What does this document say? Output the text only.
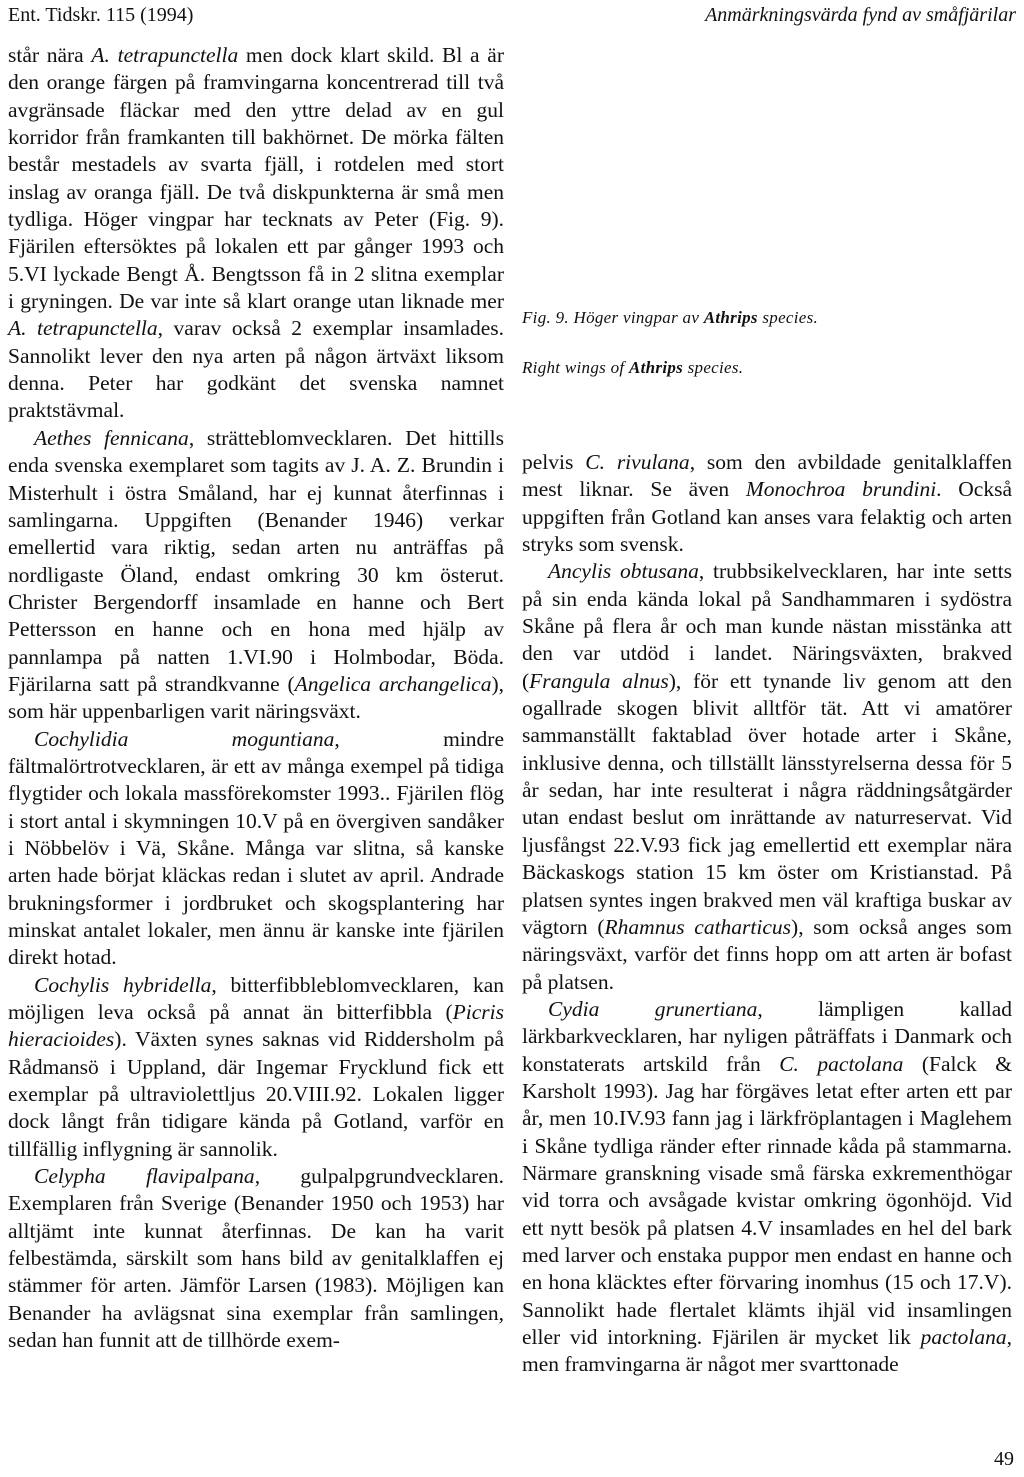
Ent. Tidskr. 115 (1994)	Anmärkningsvärda fynd av småfjärilar

står nära A. tetrapunctella men dock klart skild. Bl a är den orange färgen på framvingarna koncentrerad till två avgränsade fläckar med den yttre delad av en gul korridor från framkanten till bakhörnet. De mörka fälten består mestadels av svarta fjäll, i rotdelen med stort inslag av oranga fjäll. De två diskpunkterna är små men tydliga. Höger vingpar har tecknats av Peter (Fig. 9). Fjärilen eftersöktes på lokalen ett par gånger 1993 och 5.VI lyckade Bengt Å. Bengtsson få in 2 slitna exemplar i gryningen. De var inte så klart orange utan liknade mer A. tetrapunctella, varav också 2 exemplar insamlades. Sannolikt lever den nya arten på någon ärtväxt liksom denna. Peter har godkänt det svenska namnet praktstävmal.

Aethes fennicana, strätteblomvecklaren. Det hittills enda svenska exemplaret som tagits av J. A. Z. Brundin i Misterhult i östra Småland, har ej kunnat återfinnas i samlingarna. Uppgiften (Benander 1946) verkar emellertid vara riktig, sedan arten nu anträffas på nordligaste Öland, endast omkring 30 km österut. Christer Bergendorff insamlade en hanne och Bert Pettersson en hanne och en hona med hjälp av pannlampa på natten 1.VI.90 i Holmbodar, Böda. Fjärilarna satt på strandkvanne (Angelica archangelica), som här uppenbarligen varit näringsväxt.

Cochylidia moguntiana, mindre fältmalörtrotvecklaren, är ett av många exempel på tidiga flygtider och lokala massförekomster 1993.. Fjärilen flög i stort antal i skymningen 10.V på en övergiven sandåker i Nöbbelöv i Vä, Skåne. Många var slitna, så kanske arten hade börjat kläckas redan i slutet av april. Andrade brukningsformer i jordbruket och skogsplantering har minskat antalet lokaler, men ännu är kanske inte fjärilen direkt hotad.

Cochylis hybridella, bitterfibbleblomvecklaren, kan möjligen leva också på annat än bitterfibbla (Picris hieracioides). Växten synes saknas vid Riddersholm på Rådmansö i Uppland, där Ingemar Frycklund fick ett exemplar på ultraviolettljus 20.VIII.92. Lokalen ligger dock långt från tidigare kända på Gotland, varför en tillfällig inflygning är sannolik.

Celypha flavipalpana, gulpalpgrundvecklaren. Exemplaren från Sverige (Benander 1950 och 1953) har alltjämt inte kunnat återfinnas. De kan ha varit felbestämda, särskilt som hans bild av genitalklaffen ej stämmer för arten. Jämför Larsen (1983). Möjligen kan Benander ha avlägsnat sina exemplar från samlingen, sedan han funnit att de tillhörde exem-

Fig. 9. Höger vingpar av Athrips species.
Right wings of Athrips species.

pelvis C. rivulana, som den avbildade genitalklaffen mest liknar. Se även Monochroa brundini. Också uppgiften från Gotland kan anses vara felaktig och arten stryks som svensk.

Ancylis obtusana, trubbsikelvecklaren, har inte setts på sin enda kända lokal på Sandhammaren i sydöstra Skåne på flera år och man kunde nästan misstänka att den var utdöd i landet. Näringsväxten, brakved (Frangula alnus), för ett tynande liv genom att den ogallrade skogen blivit alltför tät. Att vi amatörer sammanställt faktablad över hotade arter i Skåne, inklusive denna, och tillställt länsstyrelserna dessa för 5 år sedan, har inte resulterat i några räddningsåtgärder utan endast beslut om inrättande av naturreservat. Vid ljusfångst 22.V.93 fick jag emellertid ett exemplar nära Bäckaskogs station 15 km öster om Kristianstad. På platsen syntes ingen brakved men väl kraftiga buskar av vägtorn (Rhamnus catharticus), som också anges som näringsväxt, varför det finns hopp om att arten är bofast på platsen.

Cydia grunertiana, lämpligen kallad lärkbarkvecklaren, har nyligen påträffats i Danmark och konstaterats artskild från C. pactolana (Falck & Karsholt 1993). Jag har förgäves letat efter arten ett par år, men 10.IV.93 fann jag i lärkfröplantagen i Maglehem i Skåne tydliga ränder efter rinnade kåda på stammarna. Närmare granskning visade små färska exkrementhögar vid torra och avsågade kvistar omkring ögonhöjd. Vid ett nytt besök på platsen 4.V insamlades en hel del bark med larver och enstaka puppor men endast en hanne och en hona kläcktes efter förvaring inomhus (15 och 17.V). Sannolikt hade flertalet klämts ihjäl vid insamlingen eller vid intorkning. Fjärilen är mycket lik pactolana, men framvingarna är något mer svarttonade

49
